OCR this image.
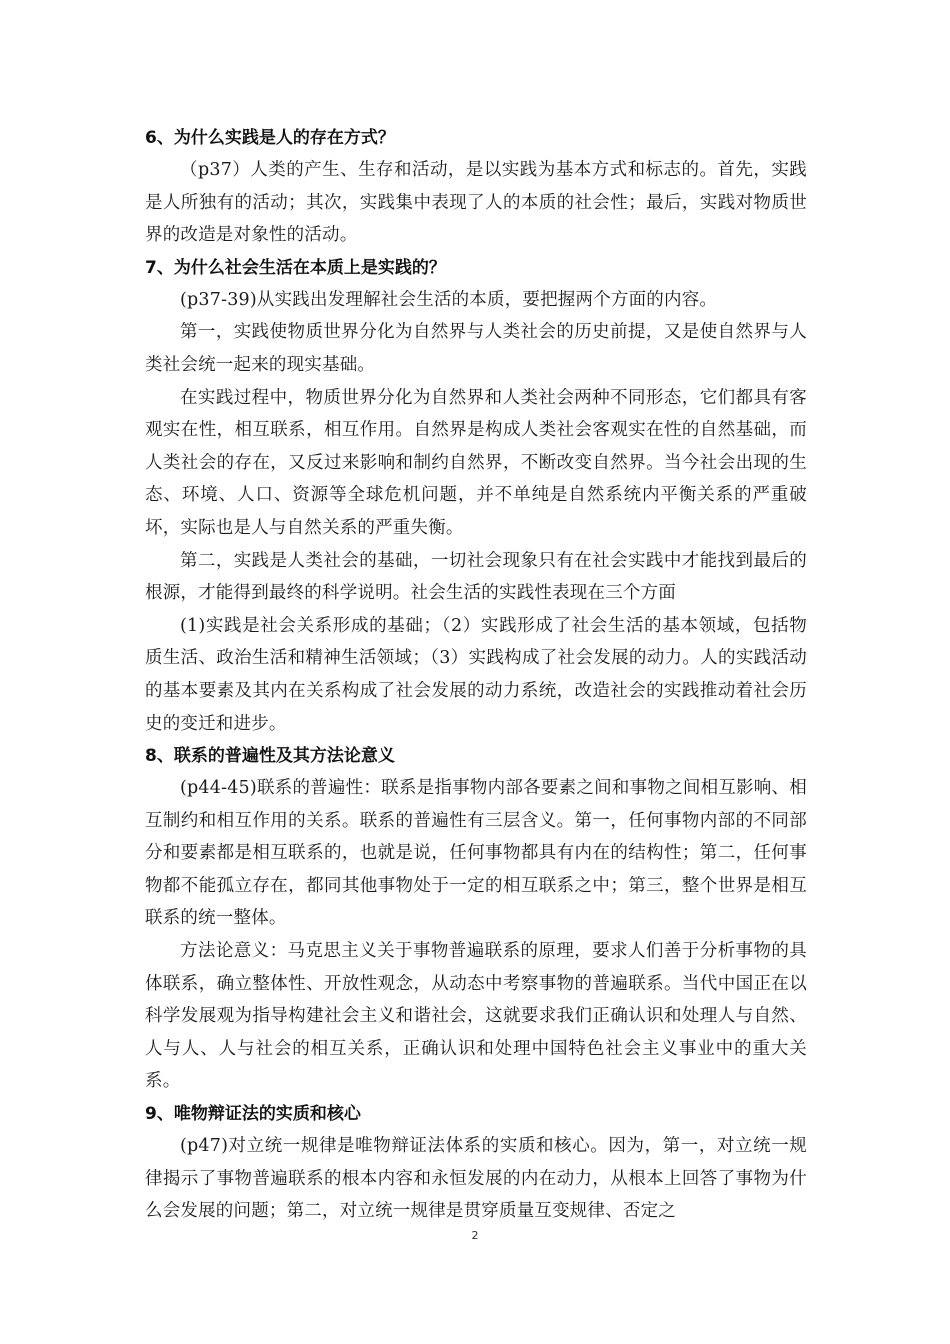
6、为什么实践是人的存在方式？

（p37）人类的产生、生存和活动，是以实践为基本方式和标志的。首先，实践是人所独有的活动；其次，实践集中表现了人的本质的社会性；最后，实践对物质世界的改造是对象性的活动。

7、为什么社会生活在本质上是实践的？

(p37-39)从实践出发理解社会生活的本质，要把握两个方面的内容。

第一，实践使物质世界分化为自然界与人类社会的历史前提，又是使自然界与人类社会统一起来的现实基础。

在实践过程中，物质世界分化为自然界和人类社会两种不同形态，它们都具有客观实在性，相互联系，相互作用。自然界是构成人类社会客观实在性的自然基础，而人类社会的存在，又反过来影响和制约自然界，不断改变自然界。当今社会出现的生态、环境、人口、资源等全球危机问题，并不单纯是自然系统内平衡关系的严重破坏，实际也是人与自然关系的严重失衡。

第二，实践是人类社会的基础，一切社会现象只有在社会实践中才能找到最后的根源，才能得到最终的科学说明。社会生活的实践性表现在三个方面

(1)实践是社会关系形成的基础；（2）实践形成了社会生活的基本领域，包括物质生活、政治生活和精神生活领域；（3）实践构成了社会发展的动力。人的实践活动的基本要素及其内在关系构成了社会发展的动力系统，改造社会的实践推动着社会历史的变迁和进步。

8、联系的普遍性及其方法论意义

(p44-45)联系的普遍性：联系是指事物内部各要素之间和事物之间相互影响、相互制约和相互作用的关系。联系的普遍性有三层含义。第一，任何事物内部的不同部分和要素都是相互联系的，也就是说，任何事物都具有内在的结构性；第二，任何事物都不能孤立存在，都同其他事物处于一定的相互联系之中；第三，整个世界是相互联系的统一整体。

方法论意义：马克思主义关于事物普遍联系的原理，要求人们善于分析事物的具体联系，确立整体性、开放性观念，从动态中考察事物的普遍联系。当代中国正在以科学发展观为指导构建社会主义和谐社会，这就要求我们正确认识和处理人与自然、人与人、人与社会的相互关系，正确认识和处理中国特色社会主义事业中的重大关系。

9、唯物辩证法的实质和核心

(p47)对立统一规律是唯物辩证法体系的实质和核心。因为，第一，对立统一规律揭示了事物普遍联系的根本内容和永恒发展的内在动力，从根本上回答了事物为什么会发展的问题；第二，对立统一规律是贯穿质量互变规律、否定之

2
